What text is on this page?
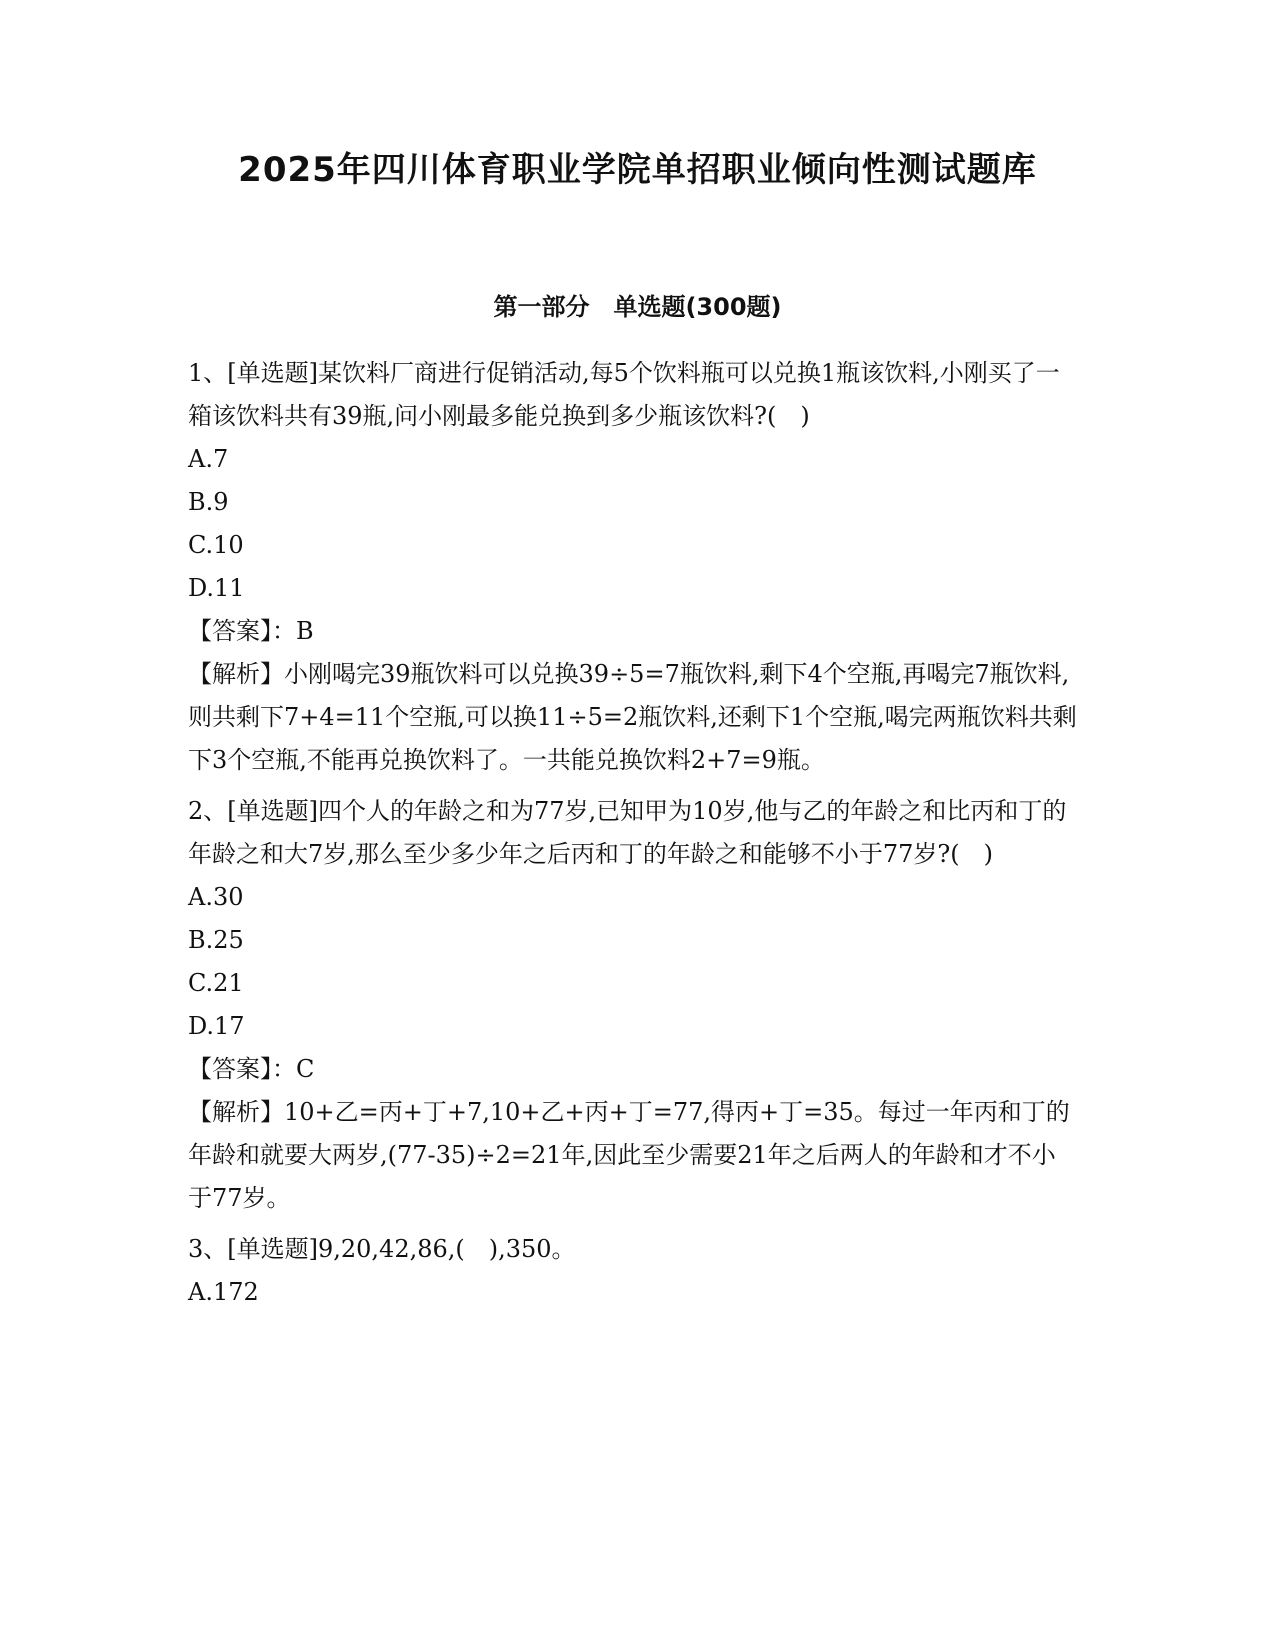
2025年四川体育职业学院单招职业倾向性测试题库
第一部分　单选题(300题)

1、[单选题]某饮料厂商进行促销活动,每5个饮料瓶可以兑换1瓶该饮料,小刚买了一箱该饮料共有39瓶,问小刚最多能兑换到多少瓶该饮料?(　)

A.7

B.9

C.10

D.11

【答案】：B

【解析】小刚喝完39瓶饮料可以兑换39÷5=7瓶饮料,剩下4个空瓶,再喝完7瓶饮料,则共剩下7+4=11个空瓶,可以换11÷5=2瓶饮料,还剩下1个空瓶,喝完两瓶饮料共剩下3个空瓶,不能再兑换饮料了。一共能兑换饮料2+7=9瓶。

2、[单选题]四个人的年龄之和为77岁,已知甲为10岁,他与乙的年龄之和比丙和丁的年龄之和大7岁,那么至少多少年之后丙和丁的年龄之和能够不小于77岁?(　)

A.30

B.25

C.21

D.17

【答案】：C

【解析】10+乙=丙+丁+7,10+乙+丙+丁=77,得丙+丁=35。每过一年丙和丁的年龄和就要大两岁,(77-35)÷2=21年,因此至少需要21年之后两人的年龄和才不小于77岁。

3、[单选题]9,20,42,86,(　),350。

A.172
